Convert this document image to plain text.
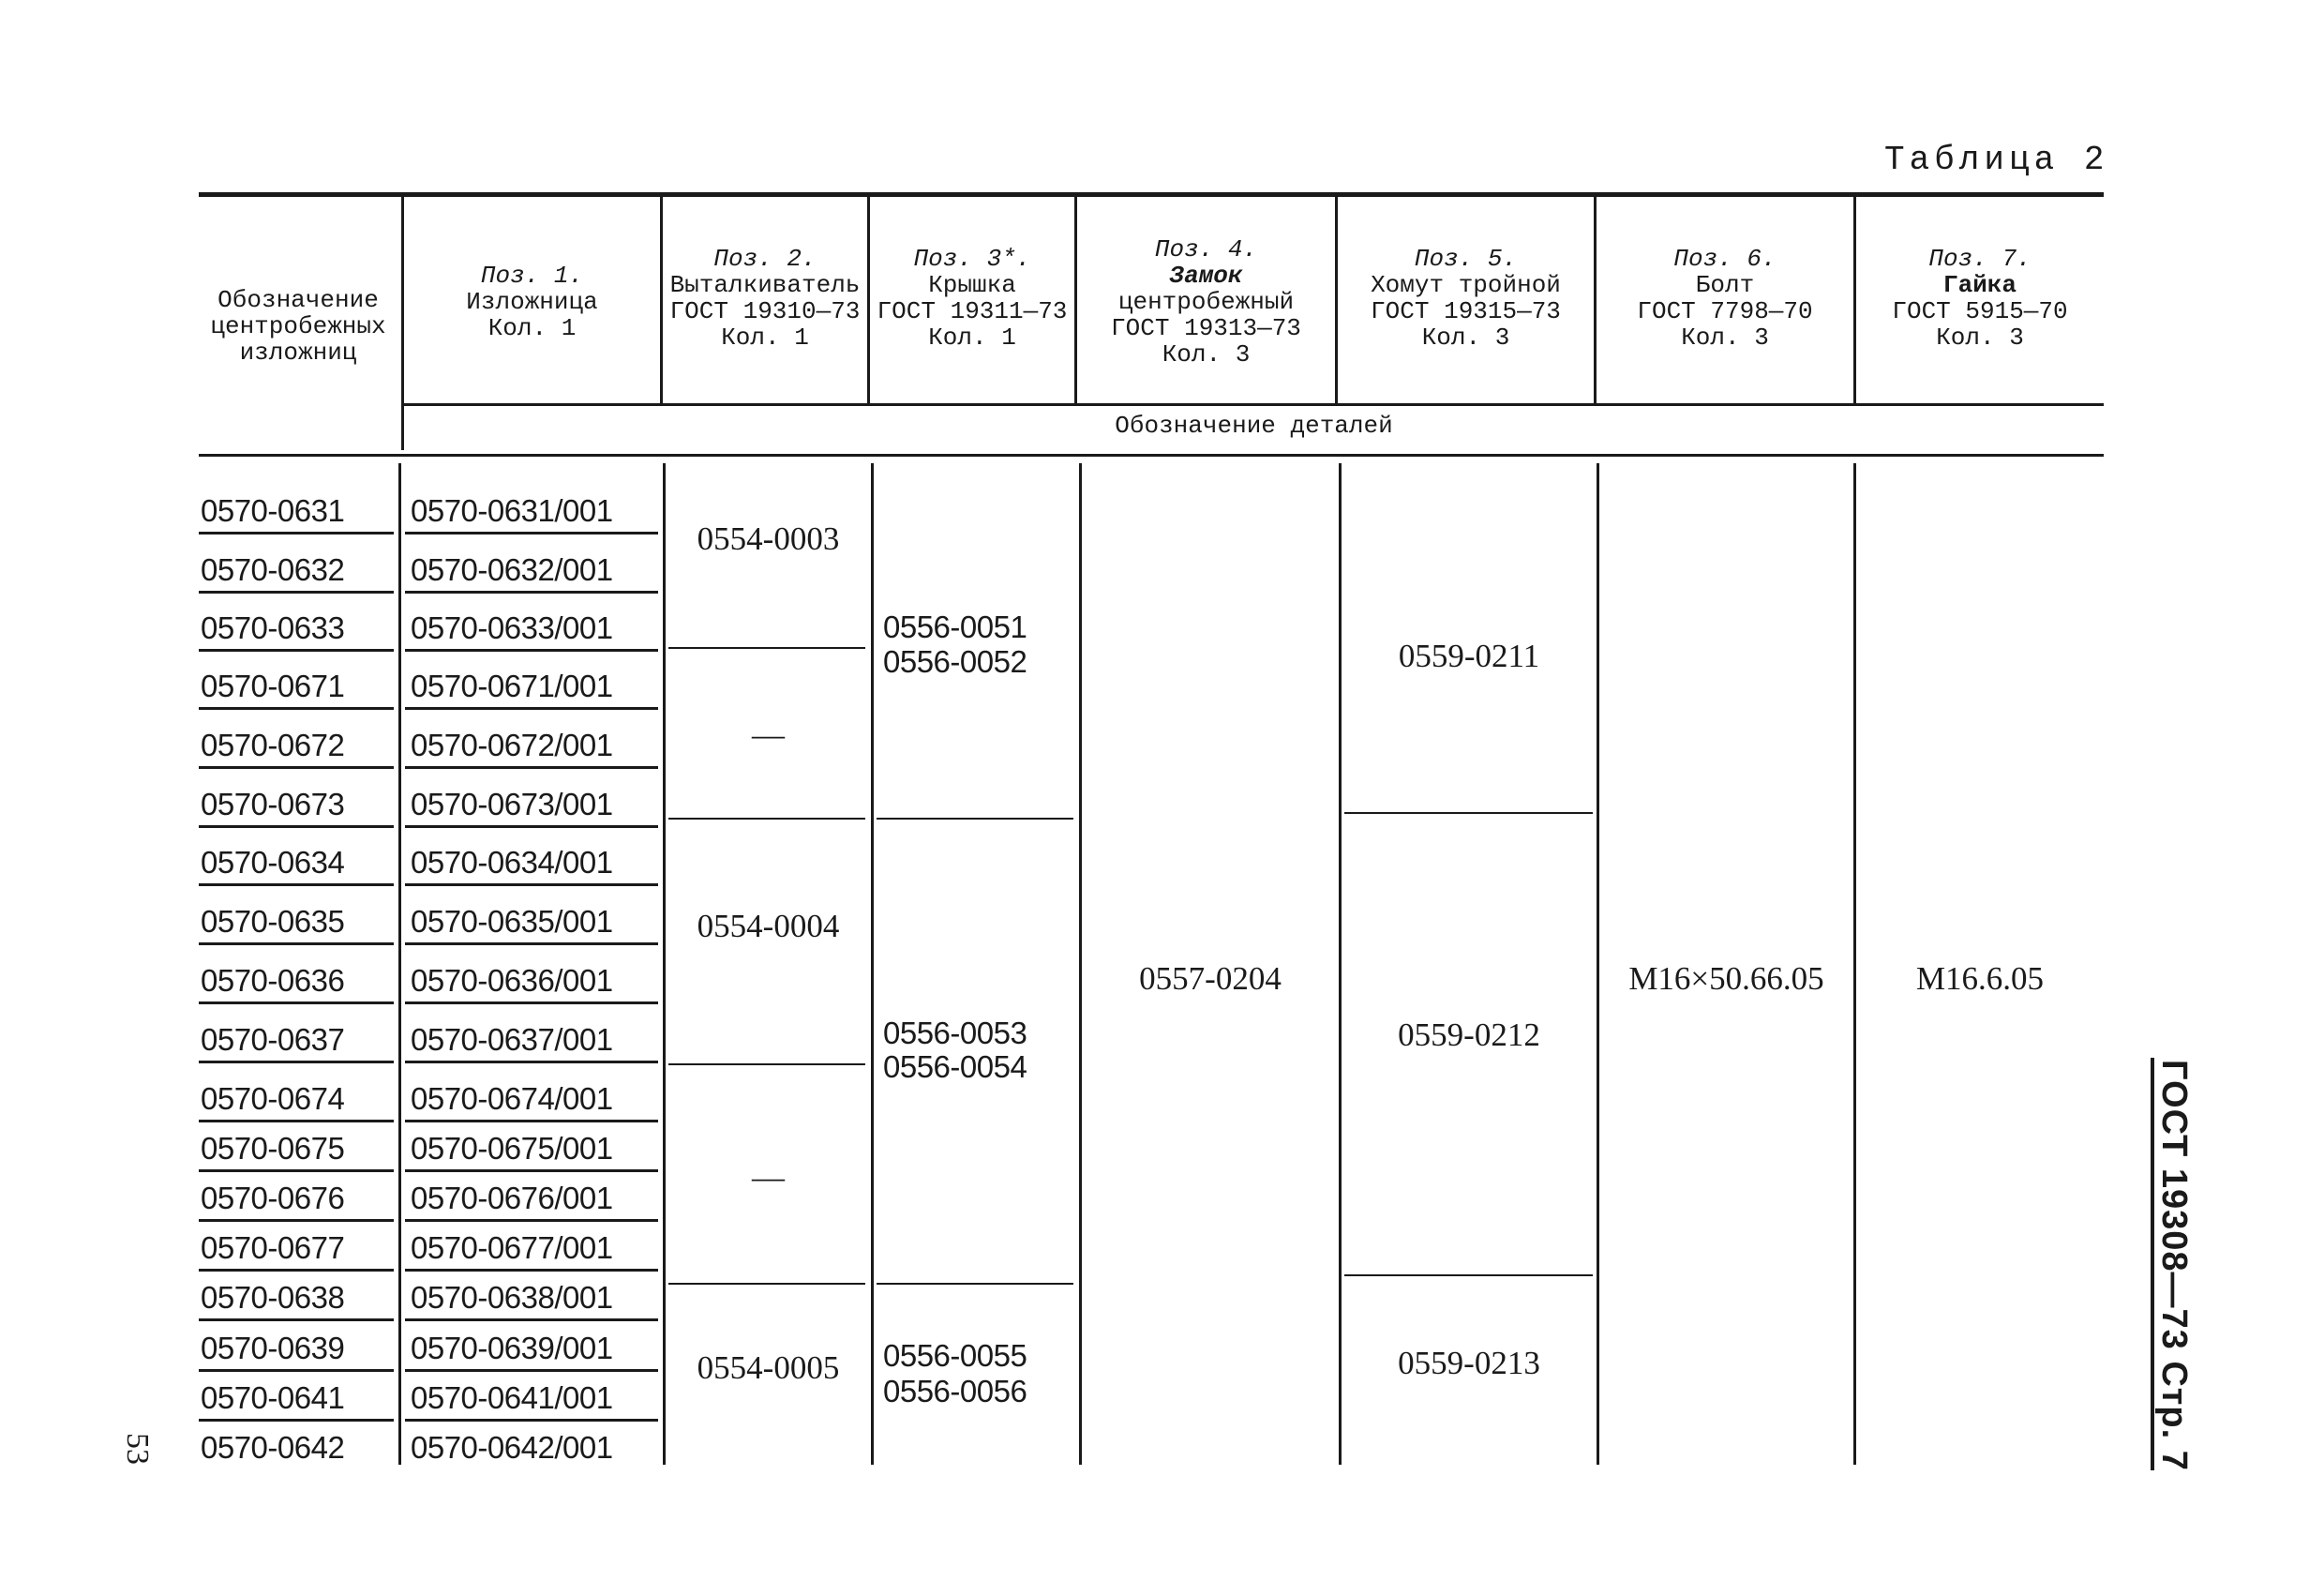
Таблица 2
Обозначение
центробежных
изложниц
Поз. 1.
Изложница
Кол. 1
Поз. 2.
Выталкиватель
ГОСТ 19310—73
Кол. 1
Поз. 3*.
Крышка
ГОСТ 19311—73
Кол. 1
Поз. 4.
Замок
центробежный
ГОСТ 19313—73
Кол. 3
Поз. 5.
Хомут тройной
ГОСТ 19315—73
Кол. 3
Поз. 6.
Болт
ГОСТ 7798—70
Кол. 3
Поз. 7.
Гайка
ГОСТ 5915—70
Кол. 3
Обозначение деталей
0570-0631 0570-0631/001
0570-0632 0570-0632/001
0570-0633 0570-0633/001
0570-0671 0570-0671/001
0570-0672 0570-0672/001
0570-0673 0570-0673/001
0570-0634 0570-0634/001
0570-0635 0570-0635/001
0570-0636 0570-0636/001
0570-0637 0570-0637/001
0570-0674 0570-0674/001
0570-0675 0570-0675/001
0570-0676 0570-0676/001
0570-0677 0570-0677/001
0570-0638 0570-0638/001
0570-0639 0570-0639/001
0570-0641 0570-0641/001
0570-0642 0570-0642/001
0554-0003
—
0554-0004
—
0554-0005
0556-0051
0556-0052
0556-0053
0556-0054
0556-0055
0556-0056
0557-0204
0559-0211
0559-0212
0559-0213
М16×50.66.05	М16.6.05
ГОСТ 19308—73 Стр. 7
53
